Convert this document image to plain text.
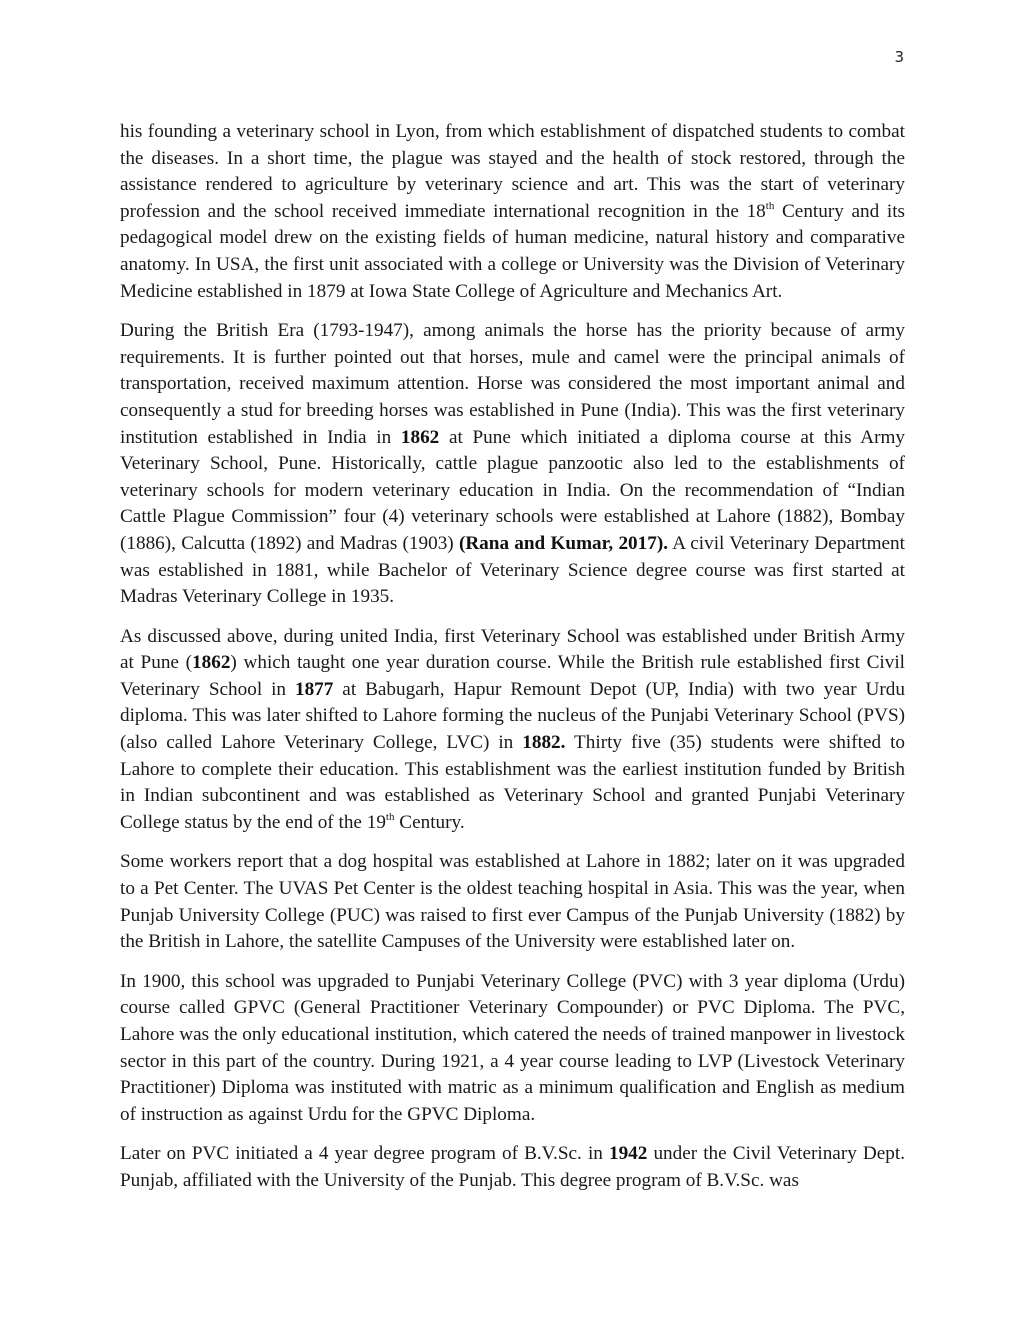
3

his founding a veterinary school in Lyon, from which establishment of dispatched students to combat the diseases. In a short time, the plague was stayed and the health of stock restored, through the assistance rendered to agriculture by veterinary science and art. This was the start of veterinary profession and the school received immediate international recognition in the 18th Century and its pedagogical model drew on the existing fields of human medicine, natural history and comparative anatomy. In USA, the first unit associated with a college or University was the Division of Veterinary Medicine established in 1879 at Iowa State College of Agriculture and Mechanics Art.

During the British Era (1793-1947), among animals the horse has the priority because of army requirements. It is further pointed out that horses, mule and camel were the principal animals of transportation, received maximum attention. Horse was considered the most important animal and consequently a stud for breeding horses was established in Pune (India). This was the first veterinary institution established in India in 1862 at Pune which initiated a diploma course at this Army Veterinary School, Pune. Historically, cattle plague panzootic also led to the establishments of veterinary schools for modern veterinary education in India. On the recommendation of “Indian Cattle Plague Commission” four (4) veterinary schools were established at Lahore (1882), Bombay (1886), Calcutta (1892) and Madras (1903) (Rana and Kumar, 2017). A civil Veterinary Department was established in 1881, while Bachelor of Veterinary Science degree course was first started at Madras Veterinary College in 1935.

As discussed above, during united India, first Veterinary School was established under British Army at Pune (1862) which taught one year duration course. While the British rule established first Civil Veterinary School in 1877 at Babugarh, Hapur Remount Depot (UP, India) with two year Urdu diploma. This was later shifted to Lahore forming the nucleus of the Punjabi Veterinary School (PVS) (also called Lahore Veterinary College, LVC) in 1882. Thirty five (35) students were shifted to Lahore to complete their education. This establishment was the earliest institution funded by British in Indian subcontinent and was established as Veterinary School and granted Punjabi Veterinary College status by the end of the 19th Century.

Some workers report that a dog hospital was established at Lahore in 1882; later on it was upgraded to a Pet Center. The UVAS Pet Center is the oldest teaching hospital in Asia. This was the year, when Punjab University College (PUC) was raised to first ever Campus of the Punjab University (1882) by the British in Lahore, the satellite Campuses of the University were established later on.

In 1900, this school was upgraded to Punjabi Veterinary College (PVC) with 3 year diploma (Urdu) course called GPVC (General Practitioner Veterinary Compounder) or PVC Diploma. The PVC, Lahore was the only educational institution, which catered the needs of trained manpower in livestock sector in this part of the country. During 1921, a 4 year course leading to LVP (Livestock Veterinary Practitioner) Diploma was instituted with matric as a minimum qualification and English as medium of instruction as against Urdu for the GPVC Diploma.

Later on PVC initiated a 4 year degree program of B.V.Sc. in 1942 under the Civil Veterinary Dept. Punjab, affiliated with the University of the Punjab. This degree program of B.V.Sc. was
